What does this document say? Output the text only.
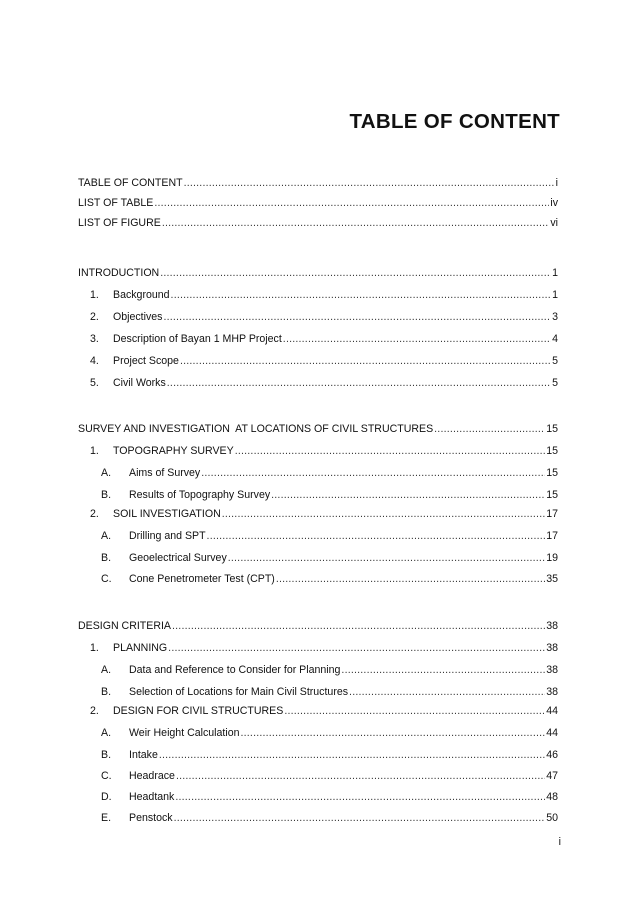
TABLE OF CONTENT
TABLE OF CONTENT .....	i
LIST OF TABLE .....	iv
LIST OF FIGURE .....	vi
INTRODUCTION .....	1
1. Background .....	1
2. Objectives .....	3
3. Description of Bayan 1 MHP Project .....	4
4. Project Scope .....	5
5. Civil Works .....	5
SURVEY AND INVESTIGATION  AT LOCATIONS OF CIVIL STRUCTURES .....	15
1. TOPOGRAPHY SURVEY .....	15
A. Aims of Survey .....	15
B. Results of Topography Survey .....	15
2. SOIL INVESTIGATION .....	17
A. Drilling and SPT .....	17
B. Geoelectrical Survey .....	19
C. Cone Penetrometer Test (CPT) .....	35
DESIGN CRITERIA .....	38
1. PLANNING .....	38
A. Data and Reference to Consider for Planning .....	38
B. Selection of Locations for Main Civil Structures .....	38
2. DESIGN FOR CIVIL STRUCTURES .....	44
A. Weir Height Calculation .....	44
B. Intake .....	46
C. Headrace .....	47
D. Headtank .....	48
E. Penstock .....	50
i
